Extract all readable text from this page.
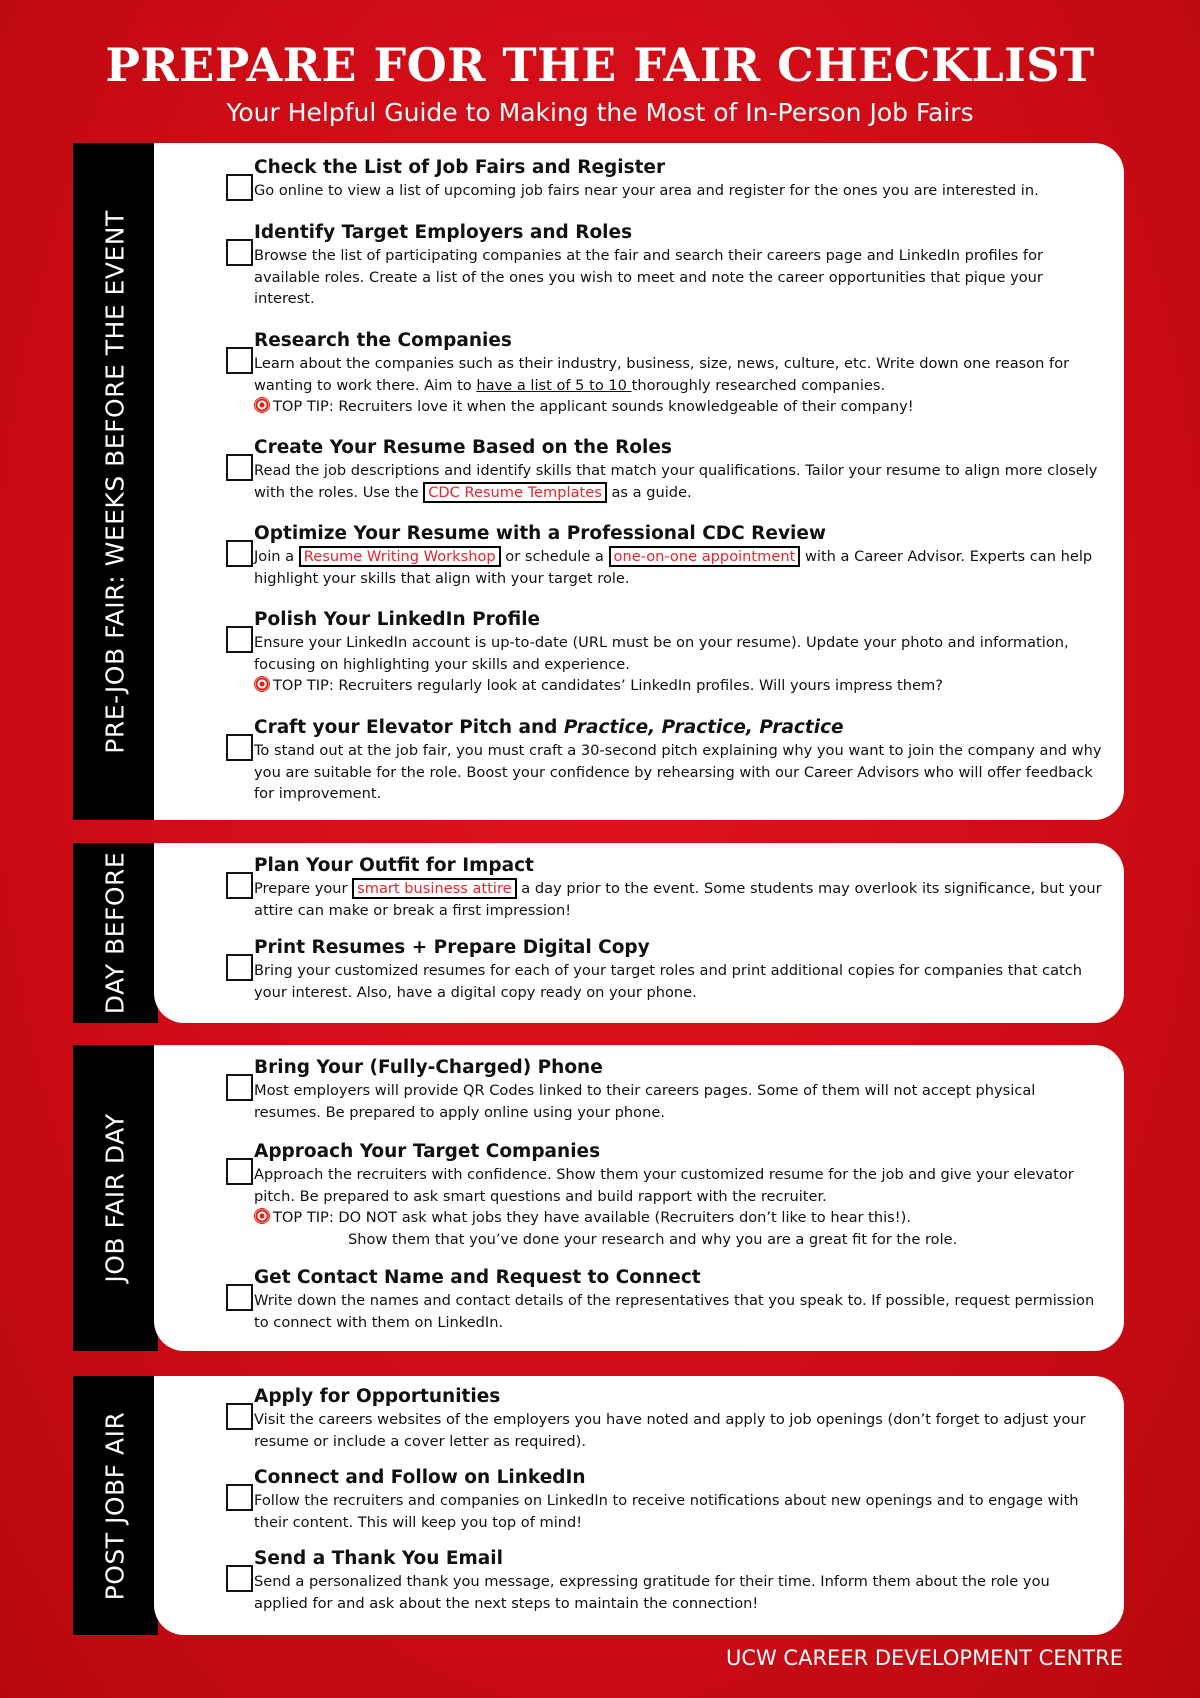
PREPARE FOR THE FAIR CHECKLIST
Your Helpful Guide to Making the Most of In-Person Job Fairs
PRE-JOB FAIR: WEEKS BEFORE THE EVENT
Check the List of Job Fairs and Register
Go online to view a list of upcoming job fairs near your area and register for the ones you are interested in.
Identify Target Employers and Roles
Browse the list of participating companies at the fair and search their careers page and LinkedIn profiles for available roles. Create a list of the ones you wish to meet and note the career opportunities that pique your interest.
Research the Companies
Learn about the companies such as their industry, business, size, news, culture, etc. Write down one reason for wanting to work there. Aim to have a list of 5 to 10 thoroughly researched companies.
TOP TIP: Recruiters love it when the applicant sounds knowledgeable of their company!
Create Your Resume Based on the Roles
Read the job descriptions and identify skills that match your qualifications. Tailor your resume to align more closely with the roles. Use the CDC Resume Templates as a guide.
Optimize Your Resume with a Professional CDC Review
Join a Resume Writing Workshop or schedule a one-on-one appointment with a Career Advisor. Experts can help highlight your skills that align with your target role.
Polish Your LinkedIn Profile
Ensure your LinkedIn account is up-to-date (URL must be on your resume). Update your photo and information, focusing on highlighting your skills and experience.
TOP TIP: Recruiters regularly look at candidates’ LinkedIn profiles. Will yours impress them?
Craft your Elevator Pitch and Practice, Practice, Practice
To stand out at the job fair, you must craft a 30-second pitch explaining why you want to join the company and why you are suitable for the role. Boost your confidence by rehearsing with our Career Advisors who will offer feedback for improvement.
DAY BEFORE	Plan Your Outfit for Impact
Prepare your smart business attire a day prior to the event. Some students may overlook its significance, but your attire can make or break a first impression!
Print Resumes + Prepare Digital Copy
Bring your customized resumes for each of your target roles and print additional copies for companies that catch your interest. Also, have a digital copy ready on your phone.
JOB FAIR DAY
Bring Your (Fully-Charged) Phone
Most employers will provide QR Codes linked to their careers pages. Some of them will not accept physical resumes. Be prepared to apply online using your phone.
Approach Your Target Companies
Approach the recruiters with confidence. Show them your customized resume for the job and give your elevator pitch. Be prepared to ask smart questions and build rapport with the recruiter.
TOP TIP: DO NOT ask what jobs they have available (Recruiters don’t like to hear this!).
Show them that you’ve done your research and why you are a great fit for the role.
Get Contact Name and Request to Connect
Write down the names and contact details of the representatives that you speak to. If possible, request permission to connect with them on LinkedIn.
POST JOBF AIR
Apply for Opportunities
Visit the careers websites of the employers you have noted and apply to job openings (don’t forget to adjust your resume or include a cover letter as required).
Connect and Follow on LinkedIn
Follow the recruiters and companies on LinkedIn to receive notifications about new openings and to engage with their content. This will keep you top of mind!
Send a Thank You Email
Send a personalized thank you message, expressing gratitude for their time. Inform them about the role you applied for and ask about the next steps to maintain the connection!
UCW CAREER DEVELOPMENT CENTRE
